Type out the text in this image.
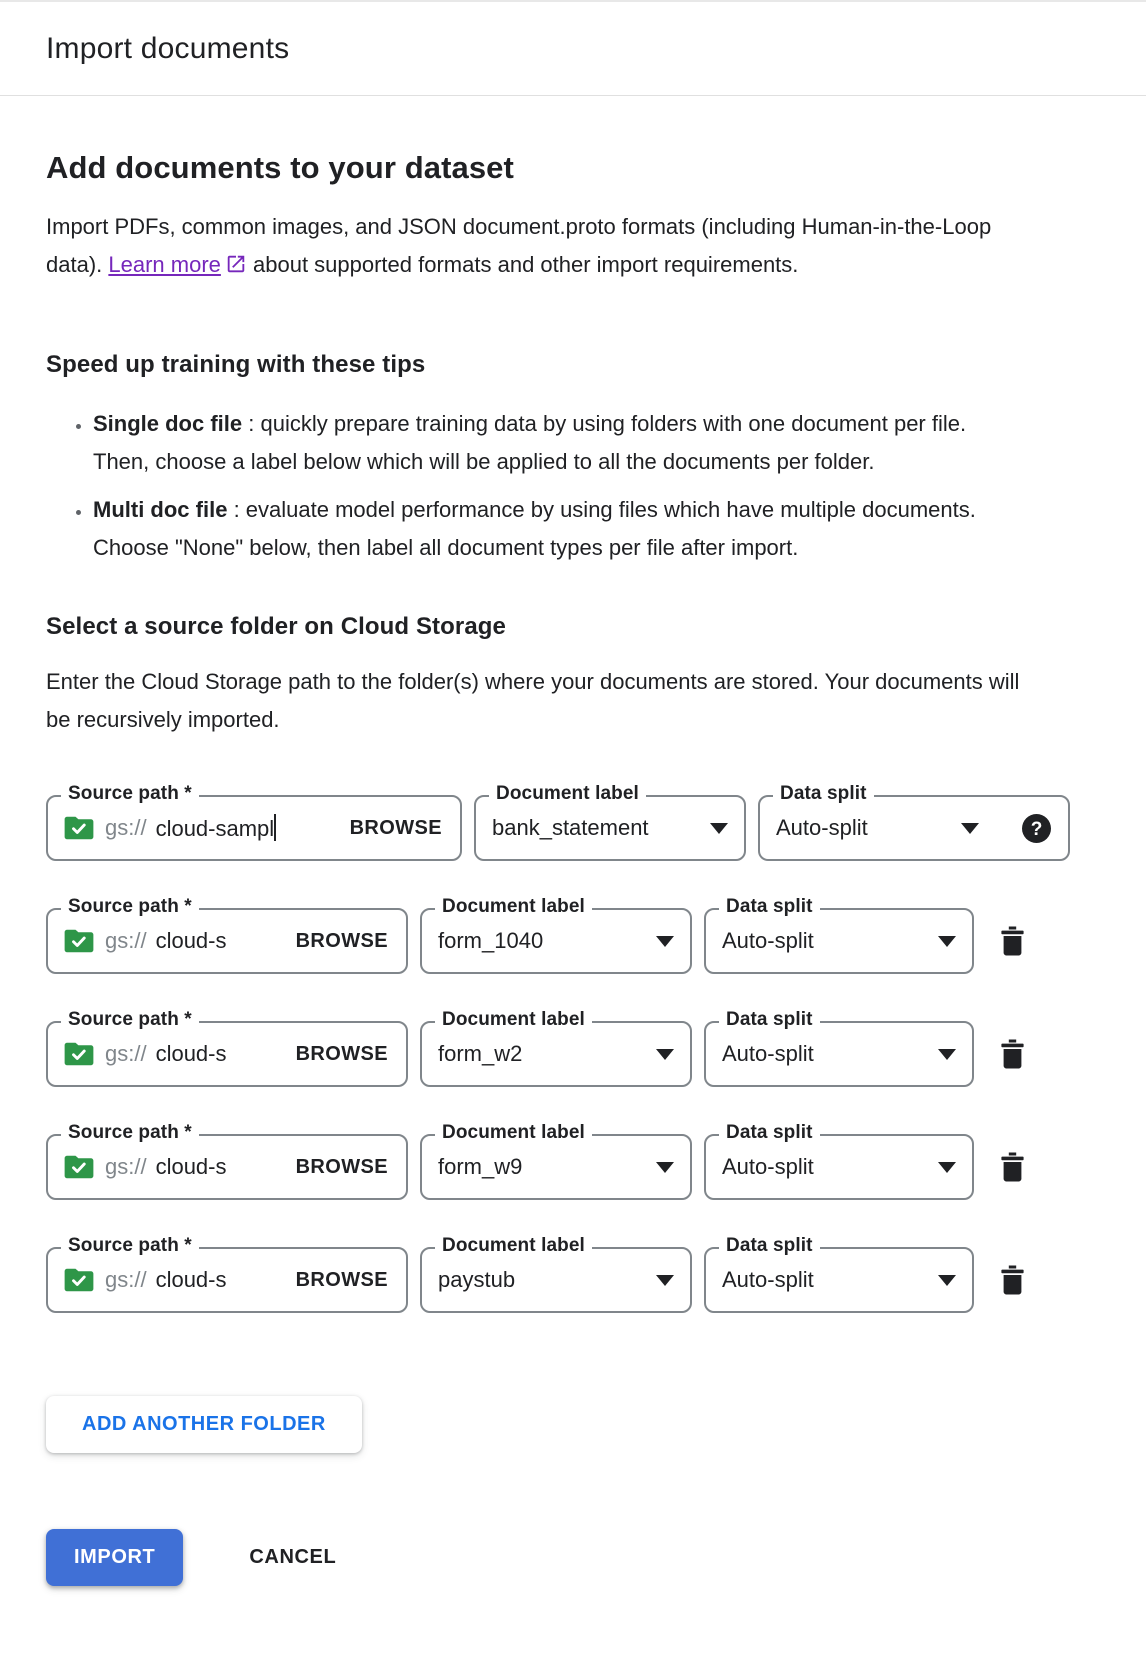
Import documents
Add documents to your dataset

Import PDFs, common images, and JSON document.proto formats (including Human-in-the-Loop data). Learn more about supported formats and other import requirements.

Speed up training with these tips
• Single doc file : quickly prepare training data by using folders with one document per file. Then, choose a label below which will be applied to all the documents per folder.
• Multi doc file : evaluate model performance by using files which have multiple documents. Choose "None" below, then label all document types per file after import.
Select a source folder on Cloud Storage

Enter the Cloud Storage path to the folder(s) where your documents are stored. Your documents will be recursively imported.

Source path *
gs:// cloud-sampl	BROWSE
Document label
bank_statement
Data split
Auto-split	?
Source path *
gs:// cloud-s	BROWSE
Document label
form_1040
Data split
Auto-split
Source path *
gs:// cloud-s	BROWSE
Document label
form_w2
Data split
Auto-split
Source path *
gs:// cloud-s	BROWSE
Document label
form_w9
Data split
Auto-split
Source path *
gs:// cloud-s	BROWSE
Document label
paystub
Data split
Auto-split
ADD ANOTHER FOLDER
IMPORT	CANCEL
